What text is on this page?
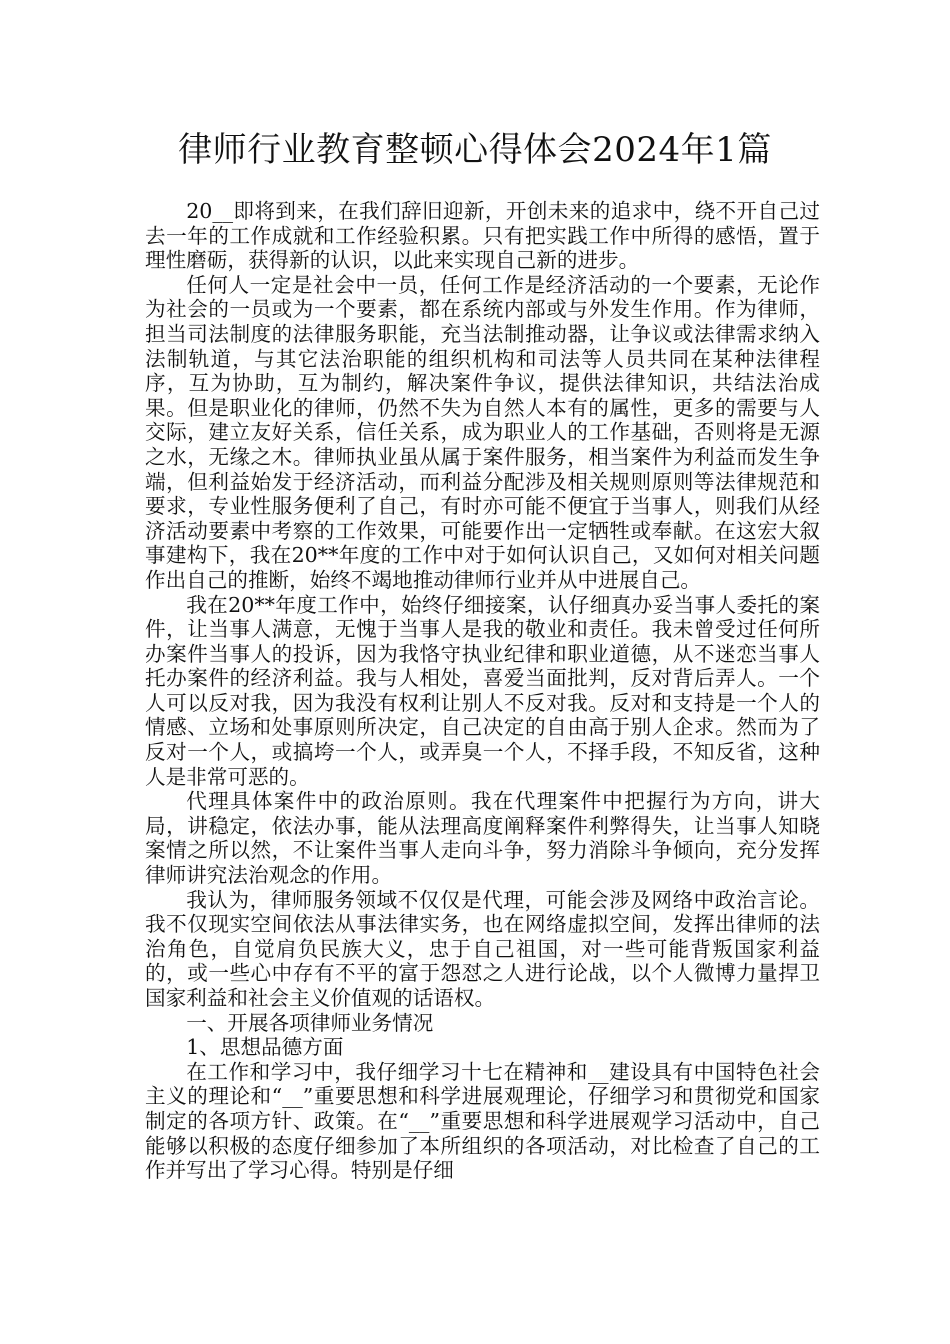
律师行业教育整顿心得体会2024年1篇

20__即将到来，在我们辞旧迎新，开创未来的追求中，绕不开自己过去一年的工作成就和工作经验积累。只有把实践工作中所得的感悟，置于理性磨砺，获得新的认识，以此来实现自己新的进步。

任何人一定是社会中一员，任何工作是经济活动的一个要素，无论作为社会的一员或为一个要素，都在系统内部或与外发生作用。作为律师，担当司法制度的法律服务职能，充当法制推动器，让争议或法律需求纳入法制轨道，与其它法治职能的组织机构和司法等人员共同在某种法律程序，互为协助，互为制约，解决案件争议，提供法律知识，共结法治成果。但是职业化的律师，仍然不失为自然人本有的属性，更多的需要与人交际，建立友好关系，信任关系，成为职业人的工作基础，否则将是无源之水，无缘之木。律师执业虽从属于案件服务，相当案件为利益而发生争端，但利益始发于经济活动，而利益分配涉及相关规则原则等法律规范和要求，专业性服务便利了自己，有时亦可能不便宜于当事人，则我们从经济活动要素中考察的工作效果，可能要作出一定牺牲或奉献。在这宏大叙事建构下，我在20**年度的工作中对于如何认识自己，又如何对相关问题作出自己的推断，始终不竭地推动律师行业并从中进展自己。

我在20**年度工作中，始终仔细接案，认仔细真办妥当事人委托的案件，让当事人满意，无愧于当事人是我的敬业和责任。我未曾受过任何所办案件当事人的投诉，因为我恪守执业纪律和职业道德，从不迷恋当事人托办案件的经济利益。我与人相处，喜爱当面批判，反对背后弄人。一个人可以反对我，因为我没有权利让别人不反对我。反对和支持是一个人的情感、立场和处事原则所决定，自己决定的自由高于别人企求。然而为了反对一个人，或搞垮一个人，或弄臭一个人，不择手段，不知反省，这种人是非常可恶的。

代理具体案件中的政治原则。我在代理案件中把握行为方向，讲大局，讲稳定，依法办事，能从法理高度阐释案件利弊得失，让当事人知晓案情之所以然，不让案件当事人走向斗争，努力消除斗争倾向，充分发挥律师讲究法治观念的作用。

我认为，律师服务领域不仅仅是代理，可能会涉及网络中政治言论。我不仅现实空间依法从事法律实务，也在网络虚拟空间，发挥出律师的法治角色，自觉肩负民族大义，忠于自己祖国，对一些可能背叛国家利益的，或一些心中存有不平的富于怨怼之人进行论战，以个人微博力量捍卫国家利益和社会主义价值观的话语权。

一、开展各项律师业务情况

1、思想品德方面

在工作和学习中，我仔细学习十七在精神和__建设具有中国特色社会主义的理论和“__”重要思想和科学进展观理论，仔细学习和贯彻党和国家制定的各项方针、政策。在“__”重要思想和科学进展观学习活动中，自己能够以积极的态度仔细参加了本所组织的各项活动，对比检查了自己的工作并写出了学习心得。特别是仔细
